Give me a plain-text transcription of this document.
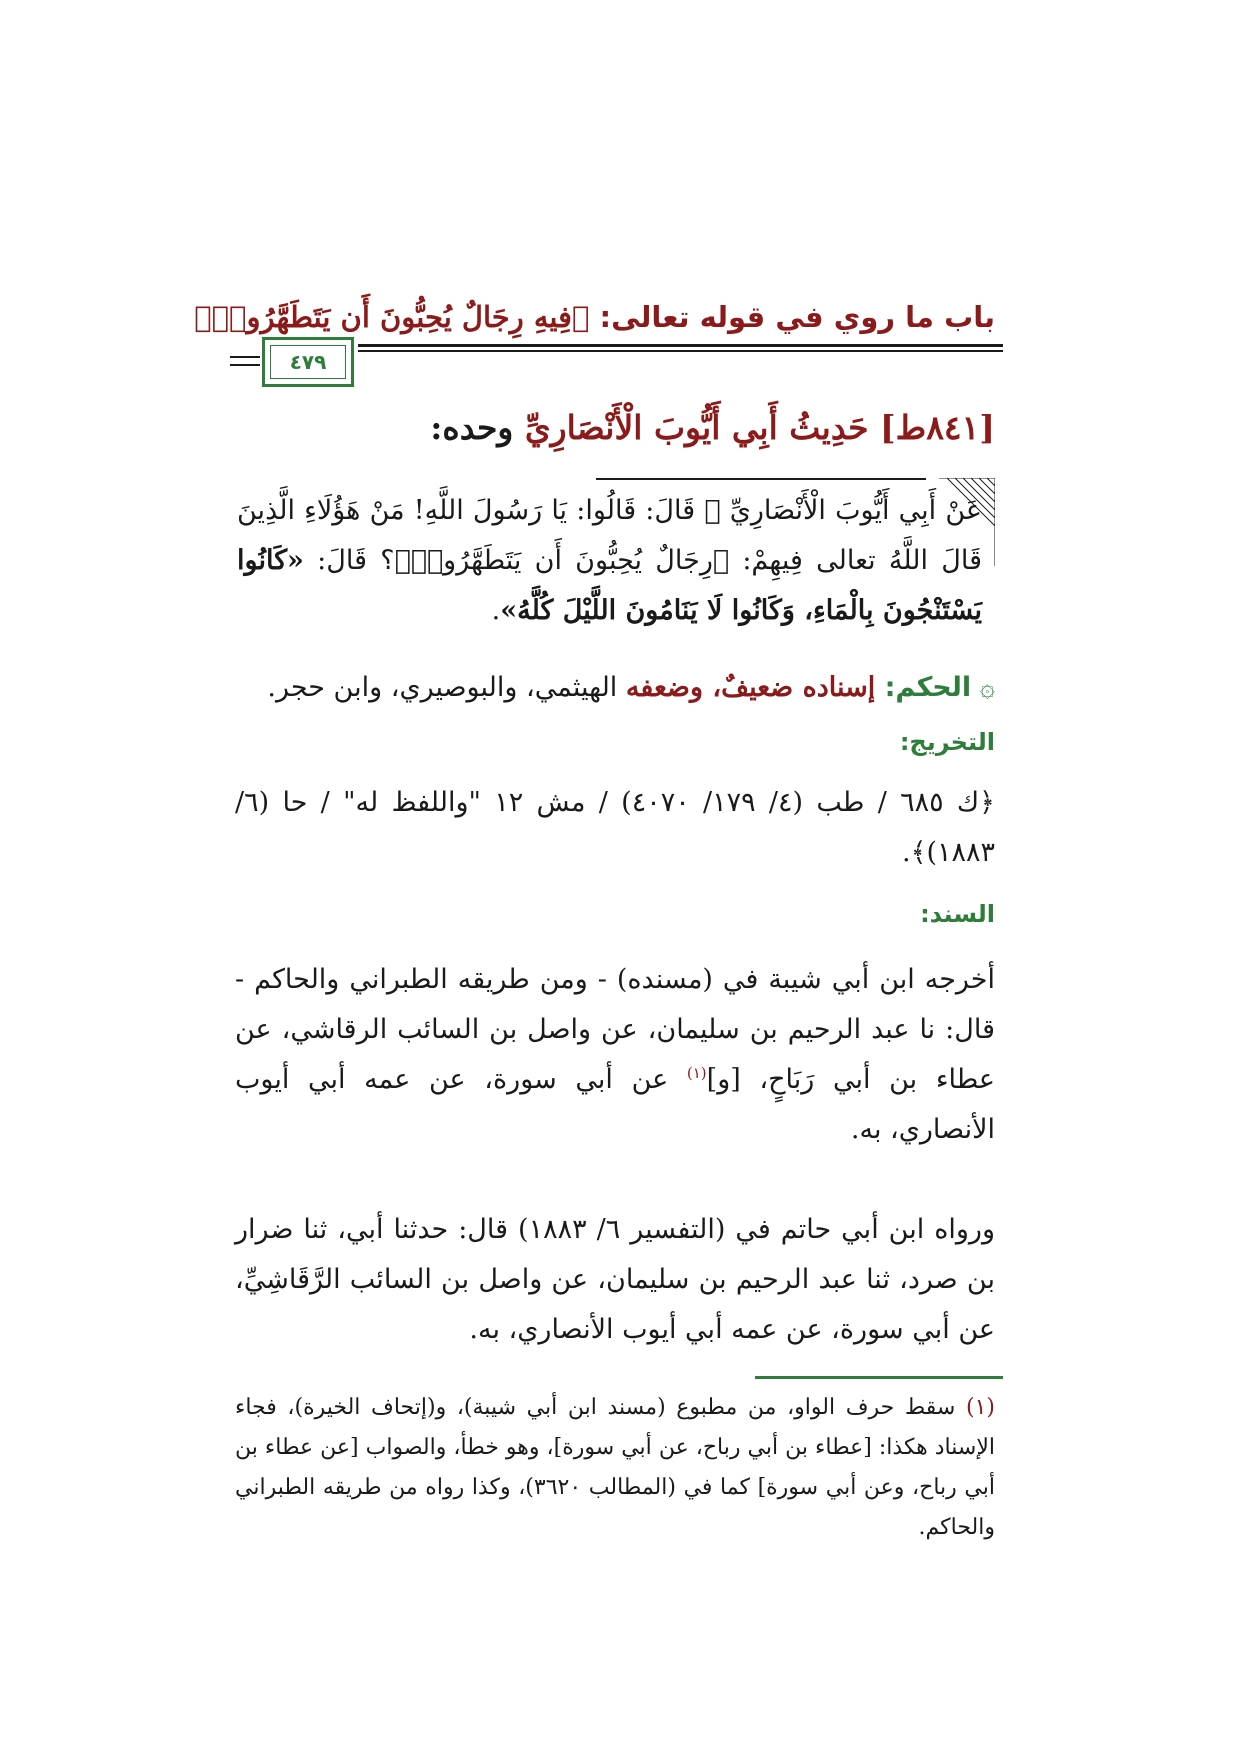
باب ما روي في قوله تعالى: ﴿فِيهِ رِجَالٌ يُحِبُّونَ أَن يَتَطَهَّرُوا۟﴾
٤٧٩
[٨٤١ط] حَدِيثُ أَبِي أَيُّوبَ الْأَنْصَارِيِّ وحده:
عَنْ أَبِي أَيُّوبَ الْأَنْصَارِيِّ ﵁ قَالَ: قَالُوا: يَا رَسُولَ اللَّهِ! مَنْ هَؤُلَاءِ الَّذِينَ قَالَ اللَّهُ تعالى فِيهِمْ: ﴿رِجَالٌ يُحِبُّونَ أَن يَتَطَهَّرُوا۟﴾؟ قَالَ: «كَانُوا يَسْتَنْجُونَ بِالْمَاءِ، وَكَانُوا لَا يَنَامُونَ اللَّيْلَ كُلَّهُ».
۞ الحكم: إسناده ضعيفٌ، وضعفه الهيثمي، والبوصيري، وابن حجر.
التخريج:
﴿ك ٦٨٥ / طب (٤/ ١٧٩/ ٤٠٧٠) / مش ١٢ "واللفظ له" / حا (٦/ ١٨٨٣)﴾.
السند:
أخرجه ابن أبي شيبة في (مسنده) - ومن طريقه الطبراني والحاكم - قال: نا عبد الرحيم بن سليمان، عن واصل بن السائب الرقاشي، عن عطاء بن أبي رَبَاحٍ، [و]$^{(١)}$ عن أبي سورة، عن عمه أبي أيوب الأنصاري، به.
ورواه ابن أبي حاتم في (التفسير ٦/ ١٨٨٣) قال: حدثنا أبي، ثنا ضرار بن صرد، ثنا عبد الرحيم بن سليمان، عن واصل بن السائب الرَّقَاشِيِّ، عن أبي سورة، عن عمه أبي أيوب الأنصاري، به.
(١) سقط حرف الواو، من مطبوع (مسند ابن أبي شيبة)، و(إتحاف الخيرة)، فجاء الإسناد هكذا: [عطاء بن أبي رباح، عن أبي سورة]، وهو خطأ، والصواب [عن عطاء بن أبي رباح، وعن أبي سورة] كما في (المطالب ٣٦٢٠)، وكذا رواه من طريقه الطبراني والحاكم.
